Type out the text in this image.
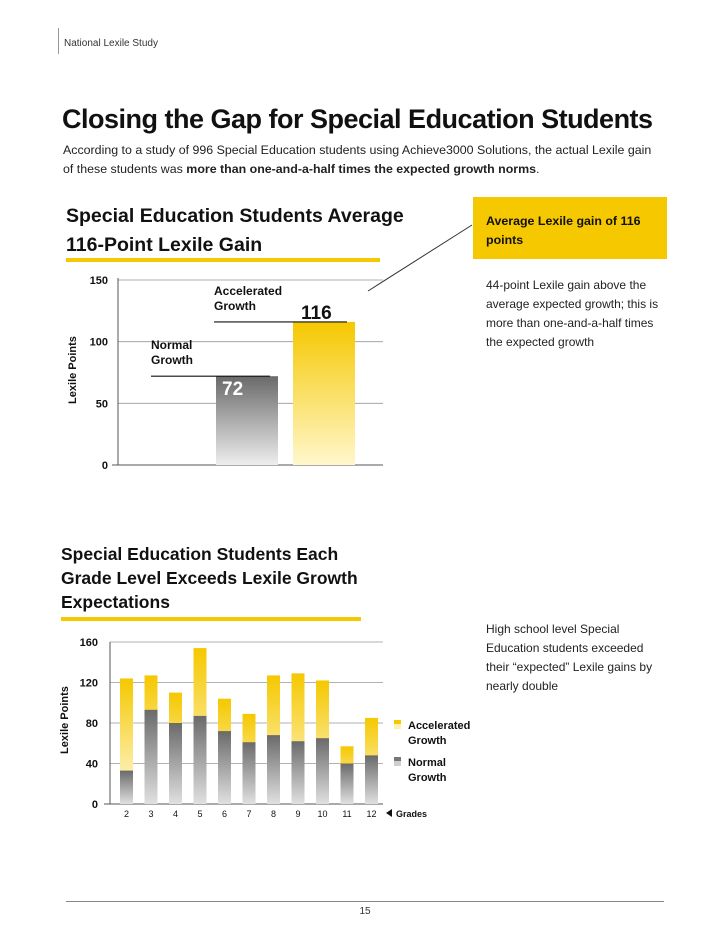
National Lexile Study
Closing the Gap for Special Education Students
According to a study of 996 Special Education students using Achieve3000 Solutions, the actual Lexile gain of these students was more than one-and-a-half times the expected growth norms.
Special Education Students Average 116-Point Lexile Gain
Average Lexile gain of 116 points
44-point Lexile gain above the average expected growth; this is more than one-and-a-half times the expected growth
0
50
100
150
Lexile Points	Normal
Growth
72
Accelerated
Growth 116
Special Education Students Each Grade Level Exceeds Lexile Growth Expectations
High school level Special Education students exceeded their “expected” Lexile gains by nearly double
0
40
80
120
160
Lexile Points
2 3 4 5 6 7 8 9 10 11 12 Grades
Accelerated
Growth
Normal
Growth
15
